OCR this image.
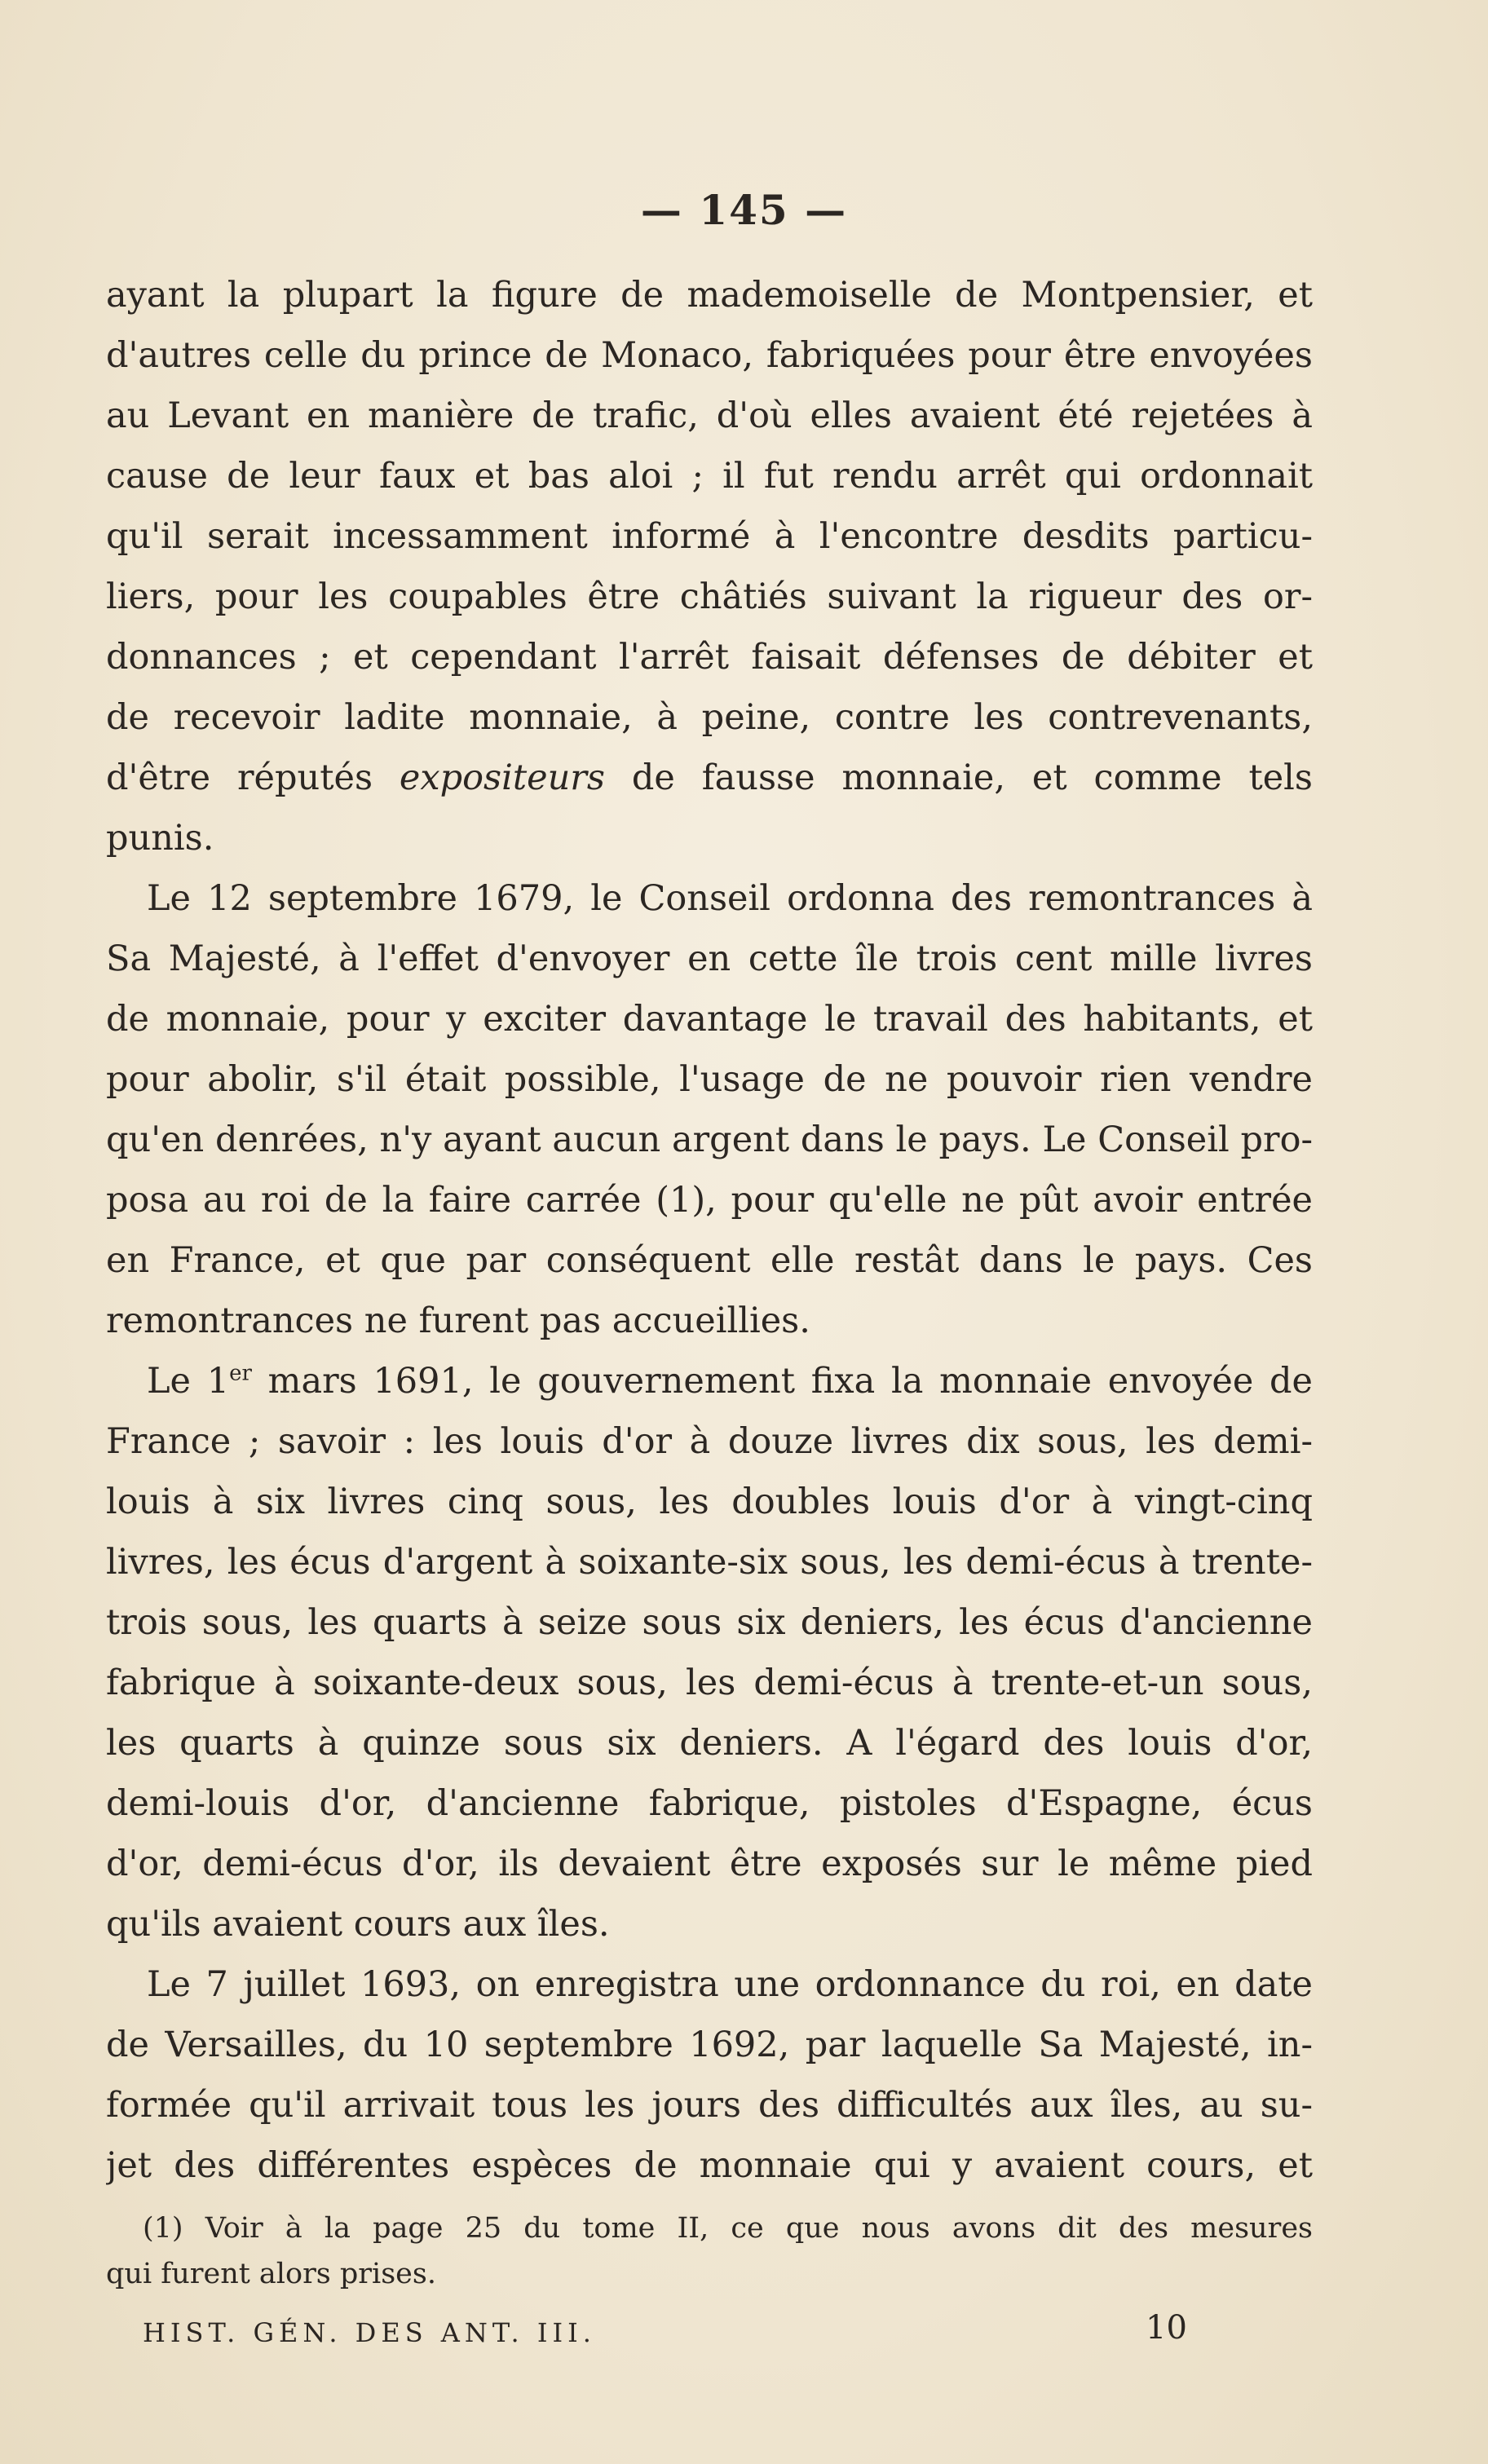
— 145 —
ayant la plupart la figure de mademoiselle de Montpensier, et
d'autres celle du prince de Monaco, fabriquées pour être envoyées
au Levant en manière de trafic, d'où elles avaient été rejetées à
cause de leur faux et bas aloi ; il fut rendu arrêt qui ordonnait
qu'il serait incessamment informé à l'encontre desdits particu-
liers, pour les coupables être châtiés suivant la rigueur des or-
donnances ; et cependant l'arrêt faisait défenses de débiter et
de recevoir ladite monnaie, à peine, contre les contrevenants,
d'être réputés expositeurs de fausse monnaie, et comme tels
punis.
Le 12 septembre 1679, le Conseil ordonna des remontrances à
Sa Majesté, à l'effet d'envoyer en cette île trois cent mille livres
de monnaie, pour y exciter davantage le travail des habitants, et
pour abolir, s'il était possible, l'usage de ne pouvoir rien vendre
qu'en denrées, n'y ayant aucun argent dans le pays. Le Conseil pro-
posa au roi de la faire carrée (1), pour qu'elle ne pût avoir entrée
en France, et que par conséquent elle restât dans le pays. Ces
remontrances ne furent pas accueillies.
Le 1er mars 1691, le gouvernement fixa la monnaie envoyée de
France ; savoir : les louis d'or à douze livres dix sous, les demi-
louis à six livres cinq sous, les doubles louis d'or à vingt-cinq
livres, les écus d'argent à soixante-six sous, les demi-écus à trente-
trois sous, les quarts à seize sous six deniers, les écus d'ancienne
fabrique à soixante-deux sous, les demi-écus à trente-et-un sous,
les quarts à quinze sous six deniers. A l'égard des louis d'or,
demi-louis d'or, d'ancienne fabrique, pistoles d'Espagne, écus
d'or, demi-écus d'or, ils devaient être exposés sur le même pied
qu'ils avaient cours aux îles.
Le 7 juillet 1693, on enregistra une ordonnance du roi, en date
de Versailles, du 10 septembre 1692, par laquelle Sa Majesté, in-
formée qu'il arrivait tous les jours des difficultés aux îles, au su-
jet des différentes espèces de monnaie qui y avaient cours, et
(1) Voir à la page 25 du tome II, ce que nous avons dit des mesures
qui furent alors prises.
HIST. GÉN. DES ANT. III.	10
